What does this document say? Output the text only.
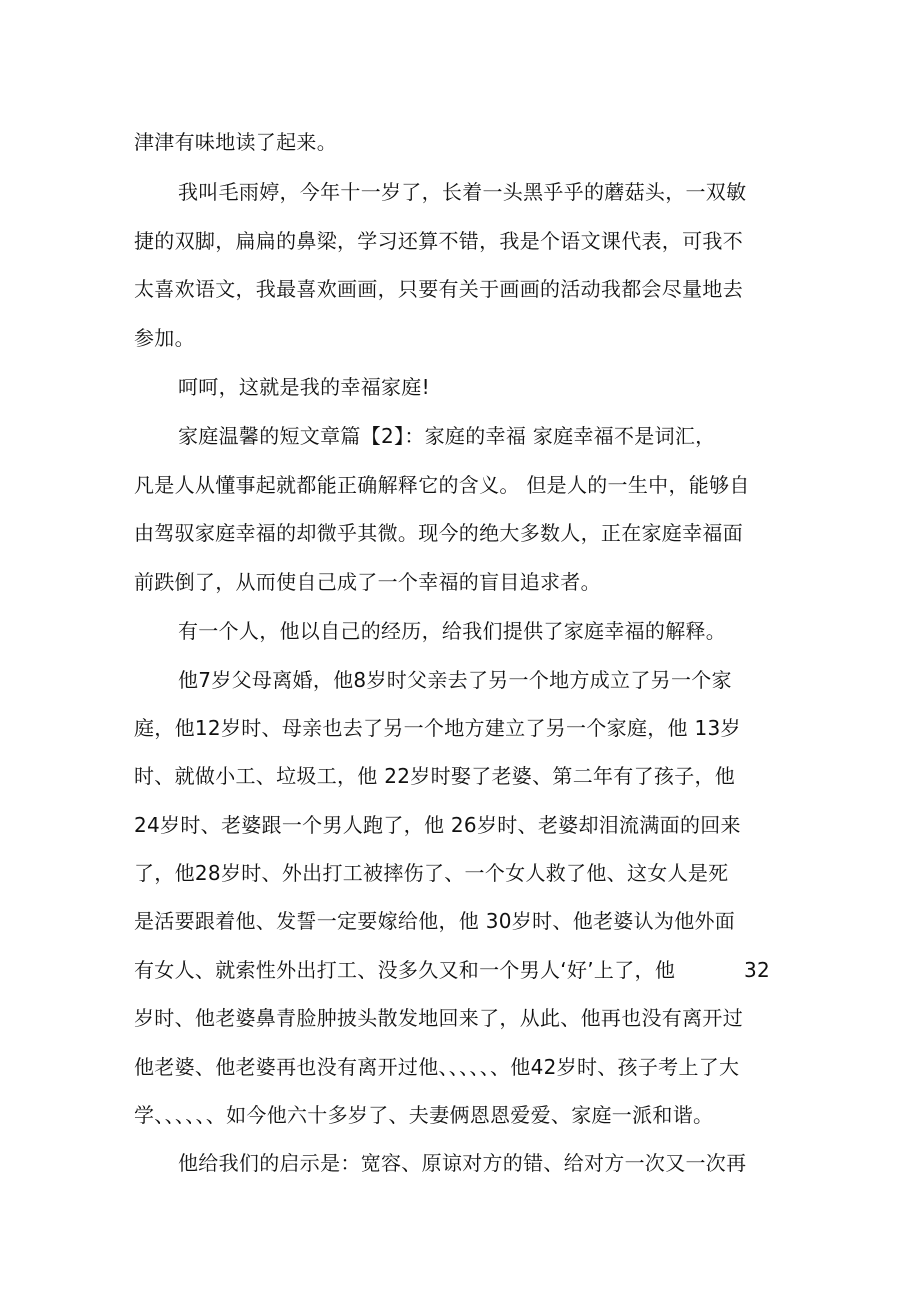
津津有味地读了起来。

我叫毛雨婷，今年十一岁了，长着一头黑乎乎的蘑菇头，一双敏

捷的双脚，扁扁的鼻梁，学习还算不错，我是个语文课代表，可我不

太喜欢语文，我最喜欢画画，只要有关于画画的活动我都会尽量地去

参加。

呵呵，这就是我的幸福家庭!

家庭温馨的短文章篇【2】：家庭的幸福 家庭幸福不是词汇，

凡是人从懂事起就都能正确解释它的含义。 但是人的一生中，能够自

由驾驭家庭幸福的却微乎其微。现今的绝大多数人，正在家庭幸福面

前跌倒了，从而使自己成了一个幸福的盲目追求者。

有一个人，他以自己的经历，给我们提供了家庭幸福的解释。

他7岁父母离婚，他8岁时父亲去了另一个地方成立了另一个家

庭，他12岁时、母亲也去了另一个地方建立了另一个家庭，他 13岁

时、就做小工、垃圾工，他 22岁时娶了老婆、第二年有了孩子，他

24岁时、老婆跟一个男人跑了，他 26岁时、老婆却泪流满面的回来

了，他28岁时、外出打工被摔伤了、一个女人救了他、这女人是死

是活要跟着他、发誓一定要嫁给他，他 30岁时、他老婆认为他外面

有女人、就索性外出打工、没多久又和一个男人‘好’上了，他	32

岁时、他老婆鼻青脸肿披头散发地回来了，从此、他再也没有离开过

他老婆、他老婆再也没有离开过他、、、、、、他42岁时、孩子考上了大

学、、、、、、如今他六十多岁了、夫妻俩恩恩爱爱、家庭一派和谐。

他给我们的启示是：宽容、原谅对方的错、给对方一次又一次再
